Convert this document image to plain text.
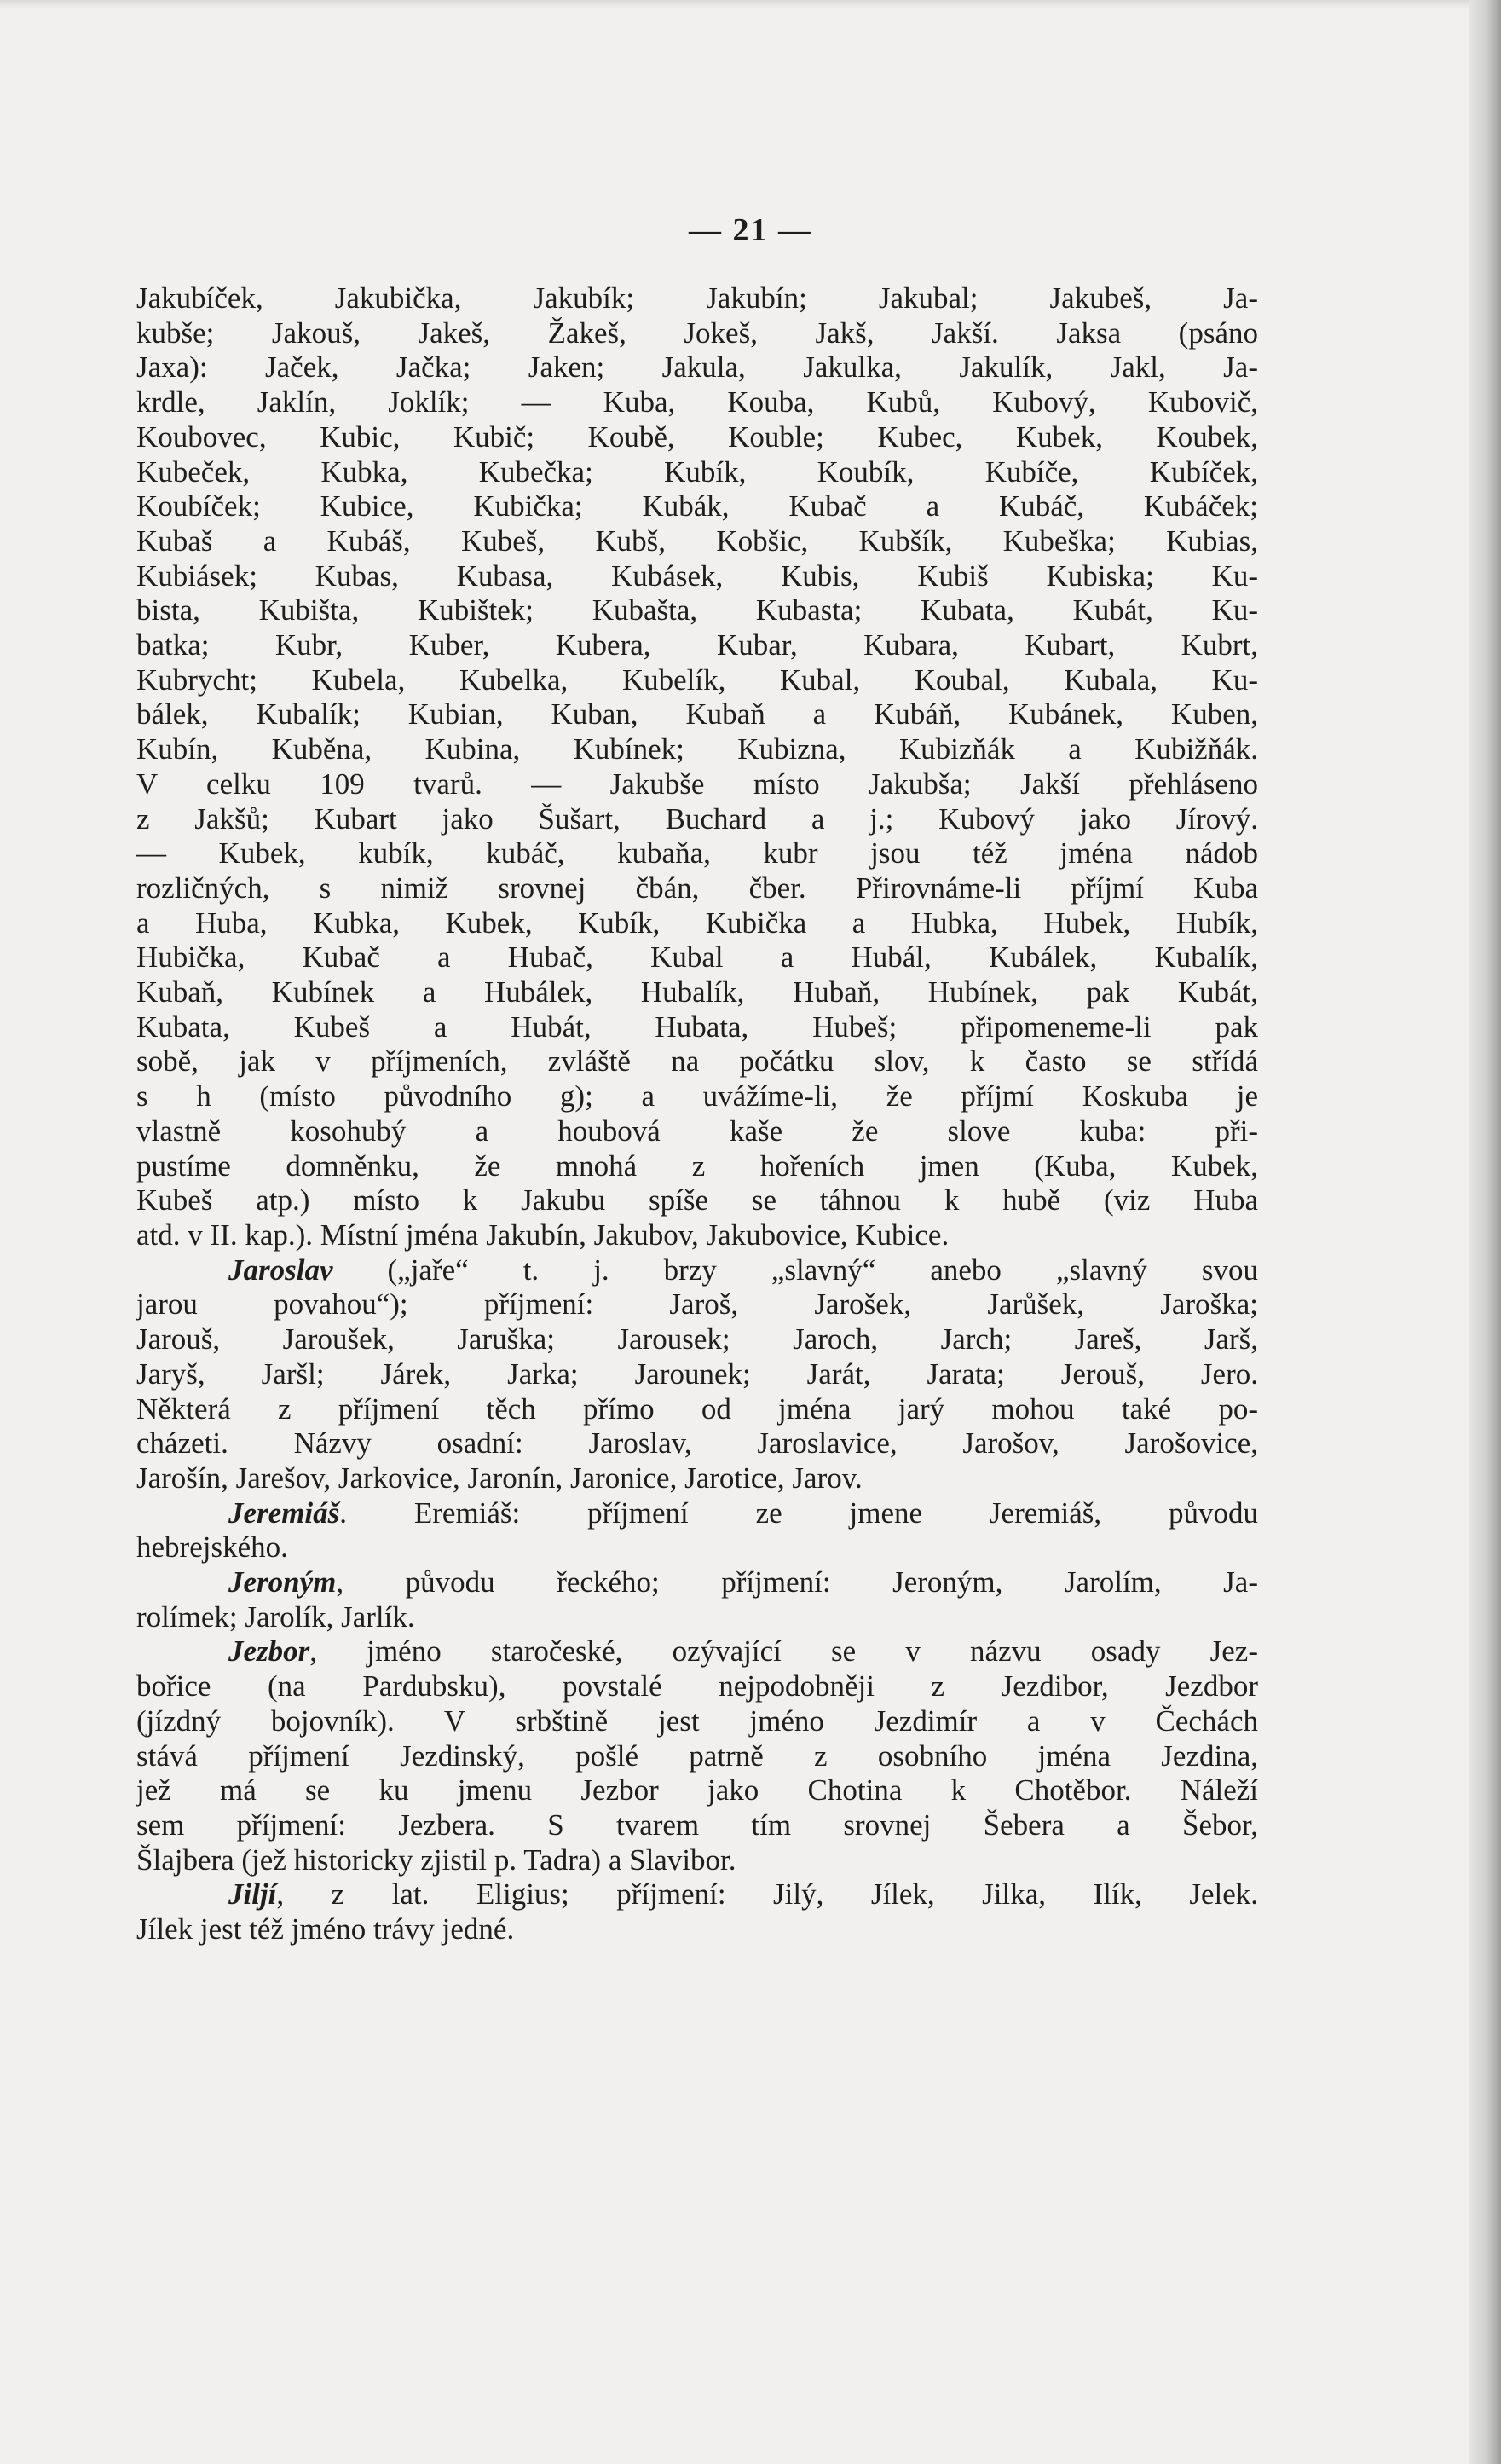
— 21 —
Jakubíček, Jakubička, Jakubík; Jakubín; Jakubal; Jakubeš, Ja-
kubše; Jakouš, Jakeš, Žakeš, Jokeš, Jakš, Jakší. Jaksa (psáno
Jaxa): Jaček, Jačka; Jaken; Jakula, Jakulka, Jakulík, Jakl, Ja-
krdle, Jaklín, Joklík; — Kuba, Kouba, Kubů, Kubový, Kubovič,
Koubovec, Kubic, Kubič; Koubě, Kouble; Kubec, Kubek, Koubek,
Kubeček, Kubka, Kubečka; Kubík, Koubík, Kubíče, Kubíček,
Koubíček; Kubice, Kubička; Kubák, Kubač a Kubáč, Kubáček;
Kubaš a Kubáš, Kubeš, Kubš, Kobšic, Kubšík, Kubeška; Kubias,
Kubiásek; Kubas, Kubasa, Kubásek, Kubis, Kubiš Kubiska; Ku-
bista, Kubišta, Kubištek; Kubašta, Kubasta; Kubata, Kubát, Ku-
batka; Kubr, Kuber, Kubera, Kubar, Kubara, Kubart, Kubrt,
Kubrycht; Kubela, Kubelka, Kubelík, Kubal, Koubal, Kubala, Ku-
bálek, Kubalík; Kubian, Kuban, Kubaň a Kubáň, Kubánek, Kuben,
Kubín, Kuběna, Kubina, Kubínek; Kubizna, Kubizňák a Kubižňák.
V celku 109 tvarů. — Jakubše místo Jakubša; Jakší přehláseno
z Jakšů; Kubart jako Šušart, Buchard a j.; Kubový jako Jírový.
— Kubek, kubík, kubáč, kubaňa, kubr jsou též jména nádob
rozličných, s nimiž srovnej čbán, čber. Přirovnáme-li příjmí Kuba
a Huba, Kubka, Kubek, Kubík, Kubička a Hubka, Hubek, Hubík,
Hubička, Kubač a Hubač, Kubal a Hubál, Kubálek, Kubalík,
Kubaň, Kubínek a Hubálek, Hubalík, Hubaň, Hubínek, pak Kubát,
Kubata, Kubeš a Hubát, Hubata, Hubeš; připomeneme-li pak
sobě, jak v příjmeních, zvláště na počátku slov, k často se střídá
s h (místo původního g); a uvážíme-li, že příjmí Koskuba je
vlastně kosohubý a houbová kaše že slove kuba: při-
pustíme domněnku, že mnohá z hořeních jmen (Kuba, Kubek,
Kubeš atp.) místo k Jakubu spíše se táhnou k hubě (viz Huba
atd. v II. kap.). Místní jména Jakubín, Jakubov, Jakubovice, Kubice.
Jaroslav („jaře“ t. j. brzy „slavný“ anebo „slavný svou
jarou povahou“); příjmení: Jaroš, Jarošek, Jarůšek, Jaroška;
Jarouš, Jaroušek, Jaruška; Jarousek; Jaroch, Jarch; Jareš, Jarš,
Jaryš, Jaršl; Járek, Jarka; Jarounek; Jarát, Jarata; Jerouš, Jero.
Některá z příjmení těch přímo od jména jarý mohou také po-
cházeti. Názvy osadní: Jaroslav, Jaroslavice, Jarošov, Jarošovice,
Jarošín, Jarešov, Jarkovice, Jaronín, Jaronice, Jarotice, Jarov.
Jeremiáš. Eremiáš: příjmení ze jmene Jeremiáš, původu
hebrejského.
Jeroným, původu řeckého; příjmení: Jeroným, Jarolím, Ja-
rolímek; Jarolík, Jarlík.
Jezbor, jméno staročeské, ozývající se v názvu osady Jez-
bořice (na Pardubsku), povstalé nejpodobněji z Jezdibor, Jezdbor
(jízdný bojovník). V srbštině jest jméno Jezdimír a v Čechách
stává příjmení Jezdinský, pošlé patrně z osobního jména Jezdina,
jež má se ku jmenu Jezbor jako Chotina k Chotěbor. Náleží
sem příjmení: Jezbera. S tvarem tím srovnej Šebera a Šebor,
Šlajbera (jež historicky zjistil p. Tadra) a Slavibor.
Jiljí, z lat. Eligius; příjmení: Jilý, Jílek, Jilka, Ilík, Jelek.
Jílek jest též jméno trávy jedné.
